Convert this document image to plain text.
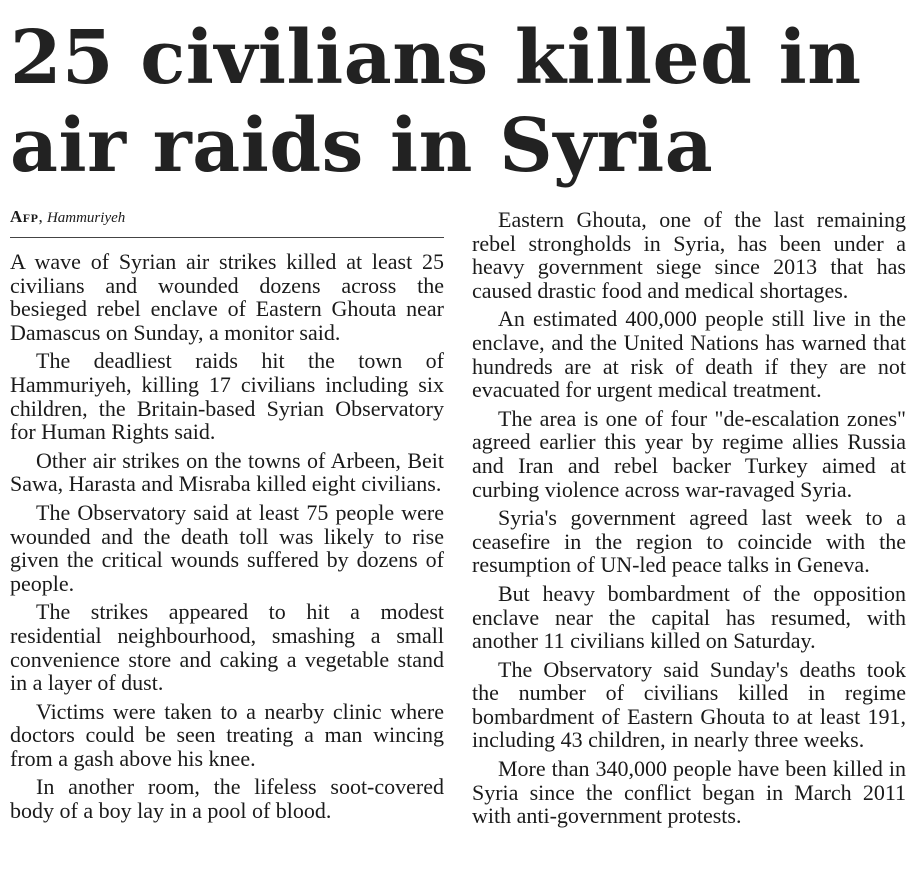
25 civilians killed in
air raids in Syria
Afp, Hammuriyeh

A wave of Syrian air strikes killed at least 25 civilians and wounded dozens across the besieged rebel enclave of Eastern Ghouta near Damascus on Sunday, a monitor said.

The deadliest raids hit the town of Hammuriyeh, killing 17 civilians including six children, the Britain-based Syrian Observatory for Human Rights said.

Other air strikes on the towns of Arbeen, Beit Sawa, Harasta and Misraba killed eight civilians.

The Observatory said at least 75 people were wounded and the death toll was likely to rise given the critical wounds suffered by dozens of people.

The strikes appeared to hit a modest residential neighbourhood, smashing a small convenience store and caking a vegetable stand in a layer of dust.

Victims were taken to a nearby clinic where doctors could be seen treating a man wincing from a gash above his knee.

In another room, the lifeless soot-covered body of a boy lay in a pool of blood.

Eastern Ghouta, one of the last remaining rebel strongholds in Syria, has been under a heavy government siege since 2013 that has caused drastic food and medical shortages.

An estimated 400,000 people still live in the enclave, and the United Nations has warned that hundreds are at risk of death if they are not evacuated for urgent medical treatment.

The area is one of four "de-escalation zones" agreed earlier this year by regime allies Russia and Iran and rebel backer Turkey aimed at curbing violence across war-ravaged Syria.

Syria's government agreed last week to a ceasefire in the region to coincide with the resumption of UN-led peace talks in Geneva.

But heavy bombardment of the opposition enclave near the capital has resumed, with another 11 civilians killed on Saturday.

The Observatory said Sunday's deaths took the number of civilians killed in regime bombardment of Eastern Ghouta to at least 191, including 43 children, in nearly three weeks.

More than 340,000 people have been killed in Syria since the conflict began in March 2011 with anti-government protests.
